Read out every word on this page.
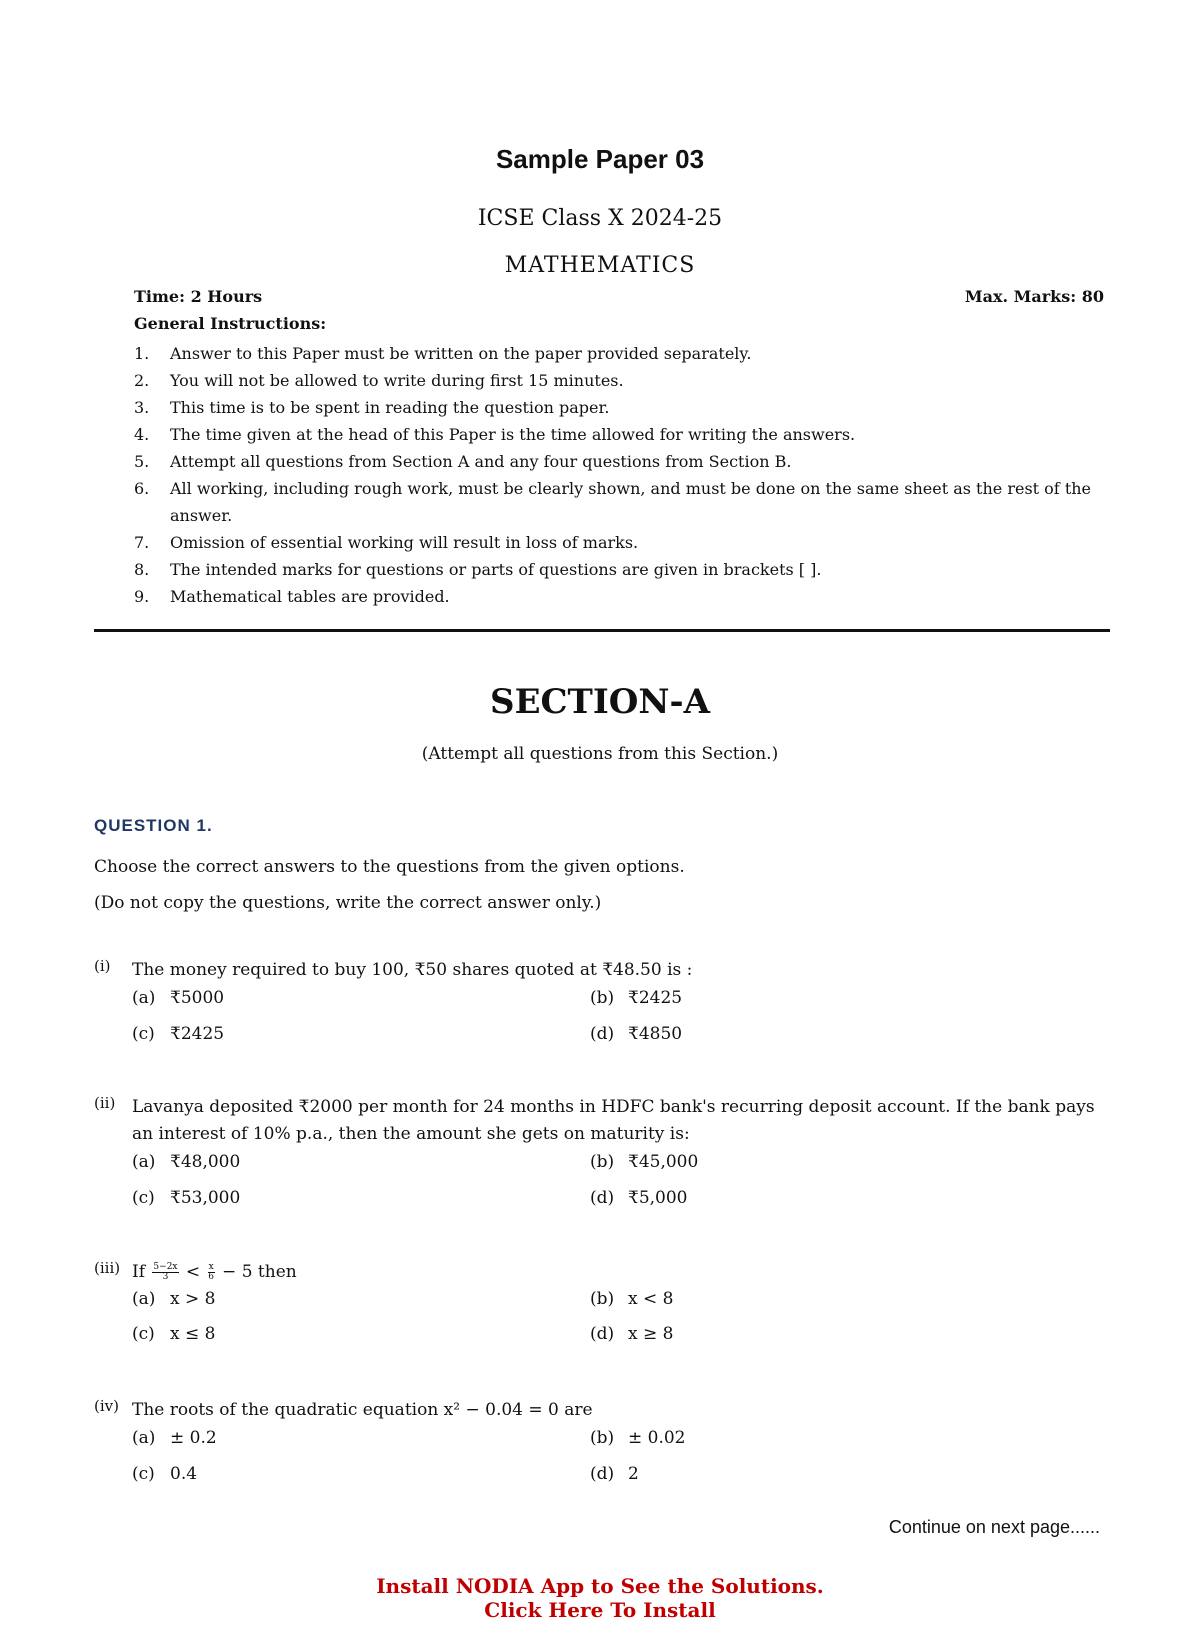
Sample Paper 03
ICSE Class X 2024-25
MATHEMATICS
Time: 2 Hours	Max. Marks: 80
General Instructions:
1.	Answer to this Paper must be written on the paper provided separately.
2.	You will not be allowed to write during first 15 minutes.
3.	This time is to be spent in reading the question paper.
4.	The time given at the head of this Paper is the time allowed for writing the answers.
5.	Attempt all questions from Section A and any four questions from Section B.
6.	All working, including rough work, must be clearly shown, and must be done on the same sheet as the rest of the answer.
7.	Omission of essential working will result in loss of marks.
8.	The intended marks for questions or parts of questions are given in brackets [ ].
9.	Mathematical tables are provided.
SECTION-A
(Attempt all questions from this Section.)
QUESTION 1.
Choose the correct answers to the questions from the given options.
(Do not copy the questions, write the correct answer only.)
(i)	The money required to buy 100, ₹50 shares quoted at ₹48.50 is :
(a) ₹5000	(b) ₹2425
(c) ₹2425	(d) ₹4850
(ii) Lavanya deposited ₹2000 per month for 24 months in HDFC bank's recurring deposit account. If the bank pays an interest of 10% p.a., then the amount she gets on maturity is:
(a) ₹48,000	(b) ₹45,000
(c) ₹53,000	(d) ₹5,000
(iii) If $\frac{5-2x}{3} < \frac{x}{6} - 5$ then
(a) x > 8	(b) x < 8
(c) x ≤ 8	(d) x ≥ 8
(iv) The roots of the quadratic equation x² − 0.04 = 0 are
(a) ± 0.2	(b) ± 0.02
(c) 0.4	(d) 2
Continue on next page......
Install NODIA App to See the Solutions.
Click Here To Install
